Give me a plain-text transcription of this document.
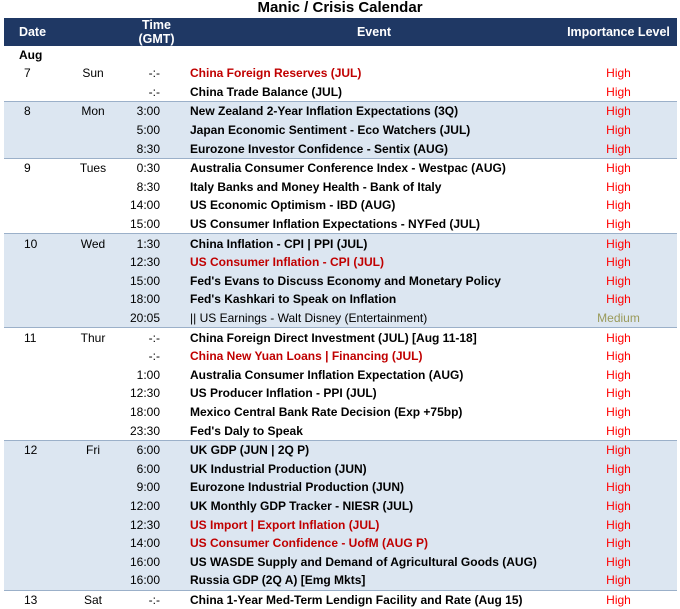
Manic / Crisis Calendar
Date		Time (GMT)	Event	Importance Level
Aug				
7	Sun	-:-	China Foreign Reserves (JUL)	High
		-:-	China Trade Balance (JUL)	High
8	Mon	3:00	New Zealand 2-Year Inflation Expectations (3Q)	High
		5:00	Japan Economic Sentiment - Eco Watchers (JUL)	High
		8:30	Eurozone Investor Confidence - Sentix (AUG)	High
9	Tues	0:30	Australia Consumer Conference Index - Westpac (AUG)	High
		8:30	Italy Banks and Money Health - Bank of Italy	High
		14:00	US Economic Optimism - IBD (AUG)	High
		15:00	US Consumer Inflation Expectations - NYFed (JUL)	High
10	Wed	1:30	China Inflation - CPI | PPI (JUL)	High
		12:30	US Consumer Inflation - CPI (JUL)	High
		15:00	Fed's Evans to Discuss Economy and Monetary Policy	High
		18:00	Fed's Kashkari to Speak on Inflation	High
		20:05	|| US Earnings - Walt Disney (Entertainment)	Medium
11	Thur	-:-	China Foreign Direct Investment (JUL) [Aug 11-18]	High
		-:-	China New Yuan Loans | Financing (JUL)	High
		1:00	Australia Consumer Inflation Expectation (AUG)	High
		12:30	US Producer Inflation - PPI (JUL)	High
		18:00	Mexico Central Bank Rate Decision (Exp +75bp)	High
		23:30	Fed's Daly to Speak	High
12	Fri	6:00	UK GDP (JUN | 2Q P)	High
		6:00	UK Industrial Production (JUN)	High
		9:00	Eurozone Industrial Production (JUN)	High
		12:00	UK Monthly GDP Tracker - NIESR (JUL)	High
		12:30	US Import | Export Inflation (JUL)	High
		14:00	US Consumer Confidence - UofM (AUG P)	High
		16:00	US WASDE Supply and Demand of Agricultural Goods (AUG)	High
		16:00	Russia GDP (2Q A) [Emg Mkts]	High
13	Sat	-:-	China 1-Year Med-Term Lendign Facility and Rate (Aug 15)	High
